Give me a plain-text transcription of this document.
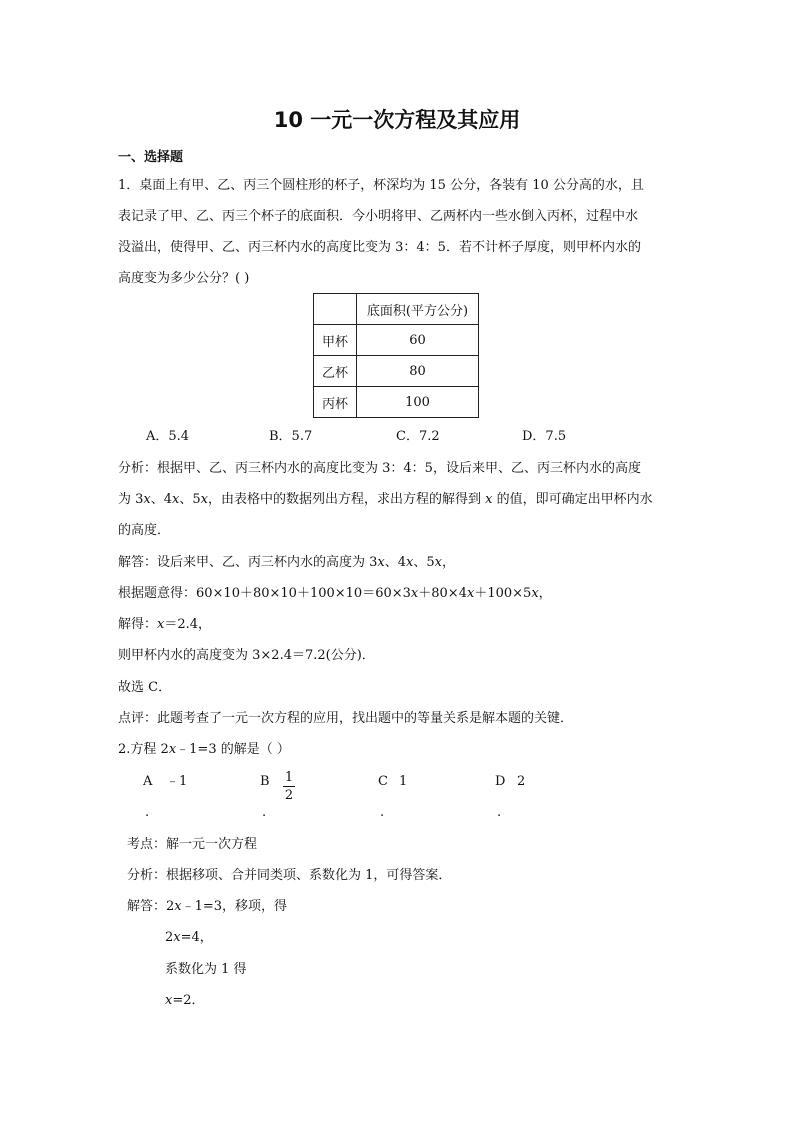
10 一元一次方程及其应用
一、选择题
1．桌面上有甲、乙、丙三个圆柱形的杯子，杯深均为 15 公分，各装有 10 公分高的水，且
表记录了甲、乙、丙三个杯子的底面积．今小明将甲、乙两杯内一些水倒入丙杯，过程中水
没溢出，使得甲、乙、丙三杯内水的高度比变为 3：4：5．若不计杯子厚度，则甲杯内水的
高度变为多少公分？( )
	底面积(平方公分)
甲杯	60
乙杯	80
丙杯	100
A．5.4	B．5.7	C．7.2	D．7.5
分析：根据甲、乙、丙三杯内水的高度比变为 3：4：5，设后来甲、乙、丙三杯内水的高度
为 3x、4x、5x，由表格中的数据列出方程，求出方程的解得到 x 的值，即可确定出甲杯内水
的高度．
解答：设后来甲、乙、丙三杯内水的高度为 3x、4x、5x，
根据题意得：60×10＋80×10＋100×10＝60×3x＋80×4x＋100×5x，
解得：x＝2.4，
则甲杯内水的高度变为 3×2.4＝7.2(公分)．
故选 C．
点评：此题考查了一元一次方程的应用，找出题中的等量关系是解本题的关键．
2.方程 2x﹣1=3 的解是（ ）
A ﹣1	B 1
2
C 1	D 2
.	.	.	.
考点：解一元一次方程
分析：根据移项、合并同类项、系数化为 1，可得答案．
解答：2x﹣1=3，移项，得
2x=4，
系数化为 1 得
x=2．
